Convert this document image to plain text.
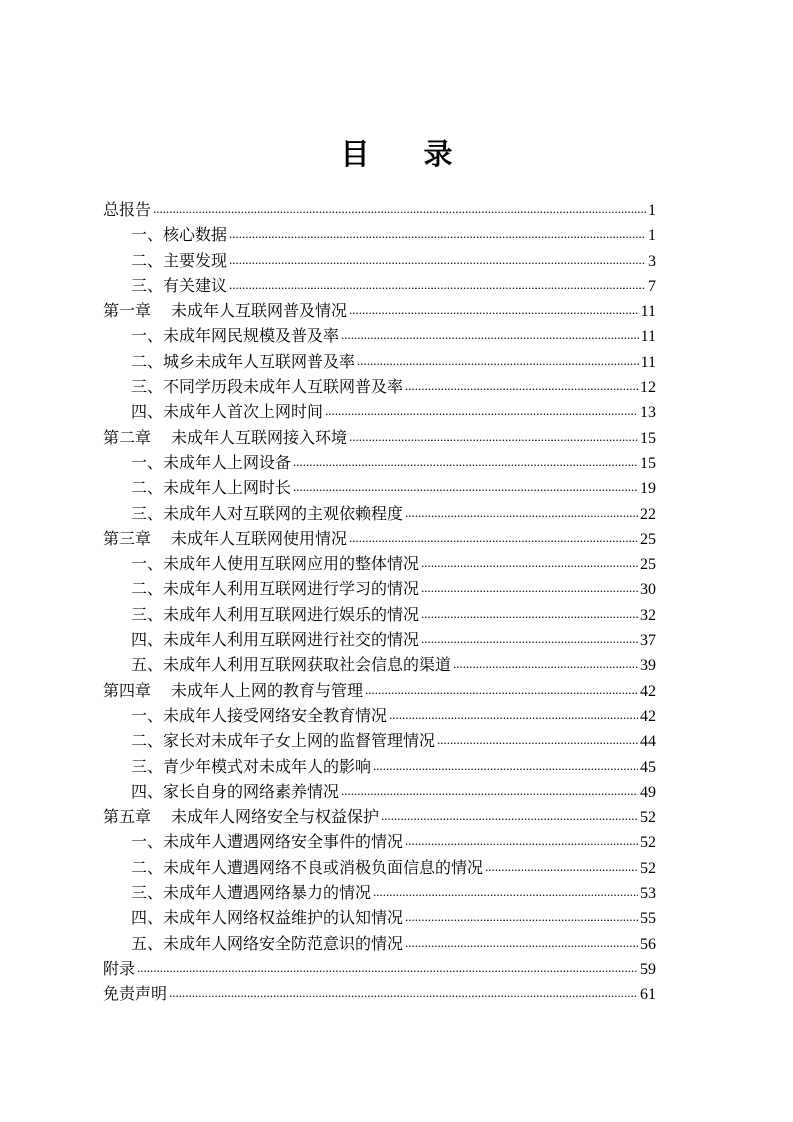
目 录
总报告 .....	1
一、核心数据 .....	1
二、主要发现 .....	3
三、有关建议 .....	7
第一章 未成年人互联网普及情况 .....	11
一、未成年网民规模及普及率 .....	11
二、城乡未成年人互联网普及率 .....	11
三、不同学历段未成年人互联网普及率 .....	12
四、未成年人首次上网时间 .....	13
第二章 未成年人互联网接入环境 .....	15
一、未成年人上网设备 .....	15
二、未成年人上网时长 .....	19
三、未成年人对互联网的主观依赖程度 .....	22
第三章 未成年人互联网使用情况 .....	25
一、未成年人使用互联网应用的整体情况 .....	25
二、未成年人利用互联网进行学习的情况 .....	30
三、未成年人利用互联网进行娱乐的情况 .....	32
四、未成年人利用互联网进行社交的情况 .....	37
五、未成年人利用互联网获取社会信息的渠道 .....	39
第四章 未成年人上网的教育与管理 .....	42
一、未成年人接受网络安全教育情况 .....	42
二、家长对未成年子女上网的监督管理情况 .....	44
三、青少年模式对未成年人的影响 .....	45
四、家长自身的网络素养情况 .....	49
第五章 未成年人网络安全与权益保护 .....	52
一、未成年人遭遇网络安全事件的情况 .....	52
二、未成年人遭遇网络不良或消极负面信息的情况 .....	52
三、未成年人遭遇网络暴力的情况 .....	53
四、未成年人网络权益维护的认知情况 .....	55
五、未成年人网络安全防范意识的情况 .....	56
附录 .....	59
免责声明 .....	61
